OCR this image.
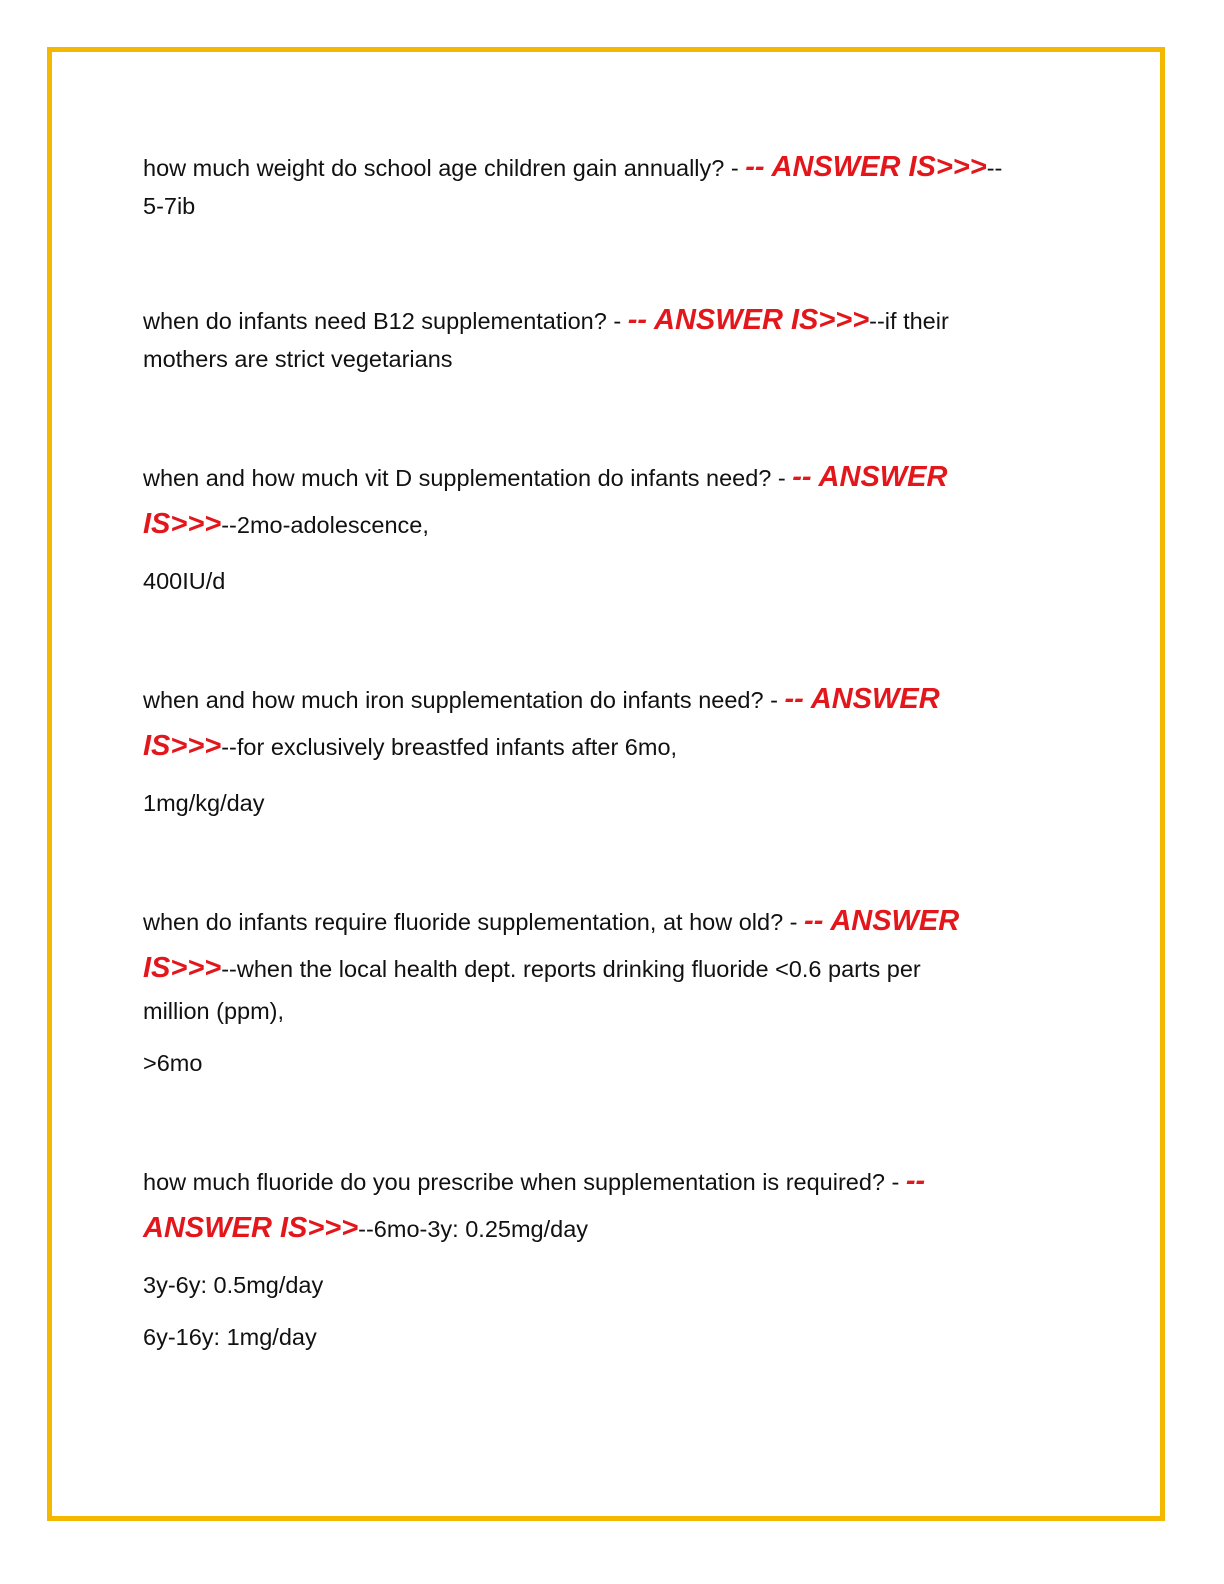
how much weight do school age children gain annually? - -- ANSWER IS>>>--

5-7ib

when do infants need B12 supplementation? - -- ANSWER IS>>>--if their

mothers are strict vegetarians

when and how much vit D supplementation do infants need? - -- ANSWER

IS>>>--2mo-adolescence,

400IU/d

when and how much iron supplementation do infants need? - -- ANSWER

IS>>>--for exclusively breastfed infants after 6mo,

1mg/kg/day

when do infants require fluoride supplementation, at how old? - -- ANSWER

IS>>>--when the local health dept. reports drinking fluoride <0.6 parts per

million (ppm),

>6mo

how much fluoride do you prescribe when supplementation is required? - --

ANSWER IS>>>--6mo-3y: 0.25mg/day

3y-6y: 0.5mg/day

6y-16y: 1mg/day
